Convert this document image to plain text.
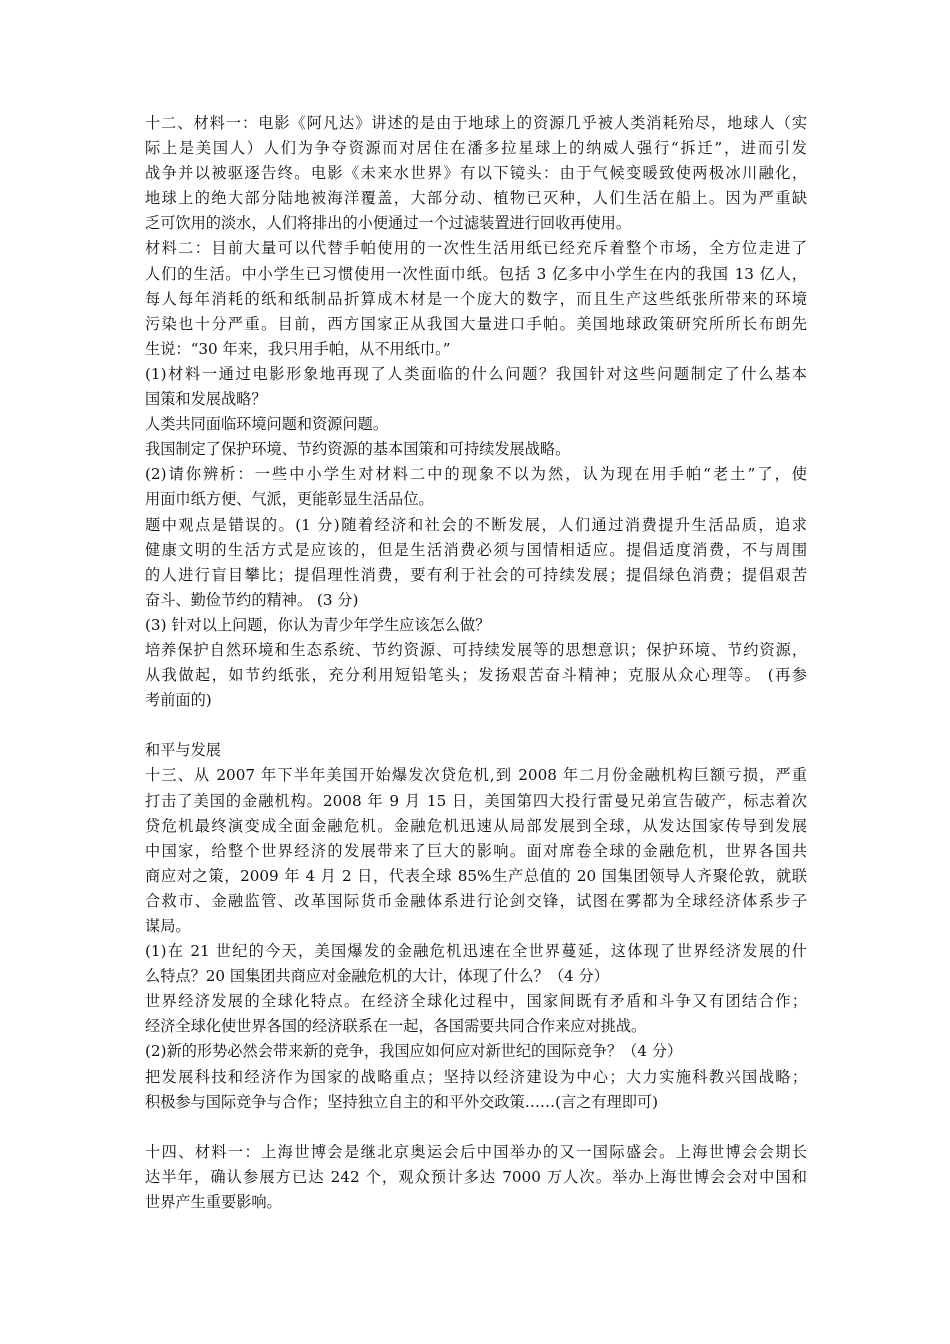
十二、材料一：电影《阿凡达》讲述的是由于地球上的资源几乎被人类消耗殆尽，地球人（实
际上是美国人）人们为争夺资源而对居住在潘多拉星球上的纳威人强行“拆迁”，进而引发
战争并以被驱逐告终。电影《未来水世界》有以下镜头：由于气候变暖致使两极冰川融化，
地球上的绝大部分陆地被海洋覆盖，大部分动、植物已灭种，人们生活在船上。因为严重缺
乏可饮用的淡水，人们将排出的小便通过一个过滤装置进行回收再使用。
材料二：目前大量可以代替手帕使用的一次性生活用纸已经充斥着整个市场，全方位走进了
人们的生活。中小学生已习惯使用一次性面巾纸。包括 3 亿多中小学生在内的我国 13 亿人，
每人每年消耗的纸和纸制品折算成木材是一个庞大的数字，而且生产这些纸张所带来的环境
污染也十分严重。目前，西方国家正从我国大量进口手帕。美国地球政策研究所所长布朗先
生说：“30 年来，我只用手帕，从不用纸巾。”
(1)材料一通过电影形象地再现了人类面临的什么问题？我国针对这些问题制定了什么基本
国策和发展战略？
人类共同面临环境问题和资源问题。
我国制定了保护环境、节约资源的基本国策和可持续发展战略。
(2)请你辨析：一些中小学生对材料二中的现象不以为然，认为现在用手帕“老土”了，使
用面巾纸方便、气派，更能彰显生活品位。
题中观点是错误的。(1 分)随着经济和社会的不断发展，人们通过消费提升生活品质，追求
健康文明的生活方式是应该的，但是生活消费必须与国情相适应。提倡适度消费，不与周围
的人进行盲目攀比；提倡理性消费，要有利于社会的可持续发展；提倡绿色消费；提倡艰苦
奋斗、勤俭节约的精神。 (3 分)
(3) 针对以上问题，你认为青少年学生应该怎么做？
培养保护自然环境和生态系统、节约资源、可持续发展等的思想意识；保护环境、节约资源，
从我做起，如节约纸张，充分利用短铅笔头；发扬艰苦奋斗精神；克服从众心理等。 (再参
考前面的)
和平与发展
十三、从 2007 年下半年美国开始爆发次贷危机,到 2008 年二月份金融机构巨额亏损，严重
打击了美国的金融机构。2008 年 9 月 15 日，美国第四大投行雷曼兄弟宣告破产，标志着次
贷危机最终演变成全面金融危机。金融危机迅速从局部发展到全球，从发达国家传导到发展
中国家，给整个世界经济的发展带来了巨大的影响。面对席卷全球的金融危机，世界各国共
商应对之策，2009 年 4 月 2 日，代表全球 85%生产总值的 20 国集团领导人齐聚伦敦，就联
合救市、金融监管、改革国际货币金融体系进行论剑交锋，试图在雾都为全球经济体系步子
谋局。
(1)在 21 世纪的今天，美国爆发的金融危机迅速在全世界蔓延，这体现了世界经济发展的什
么特点？20 国集团共商应对金融危机的大计，体现了什么？（4 分）
世界经济发展的全球化特点。在经济全球化过程中，国家间既有矛盾和斗争又有团结合作；
经济全球化使世界各国的经济联系在一起，各国需要共同合作来应对挑战。
(2)新的形势必然会带来新的竞争，我国应如何应对新世纪的国际竞争？（4 分）
把发展科技和经济作为国家的战略重点；坚持以经济建设为中心；大力实施科教兴国战略；
积极参与国际竞争与合作；坚持独立自主的和平外交政策……(言之有理即可)
十四、材料一：上海世博会是继北京奥运会后中国举办的又一国际盛会。上海世博会会期长
达半年，确认参展方已达 242 个，观众预计多达 7000 万人次。举办上海世博会会对中国和
世界产生重要影响。
